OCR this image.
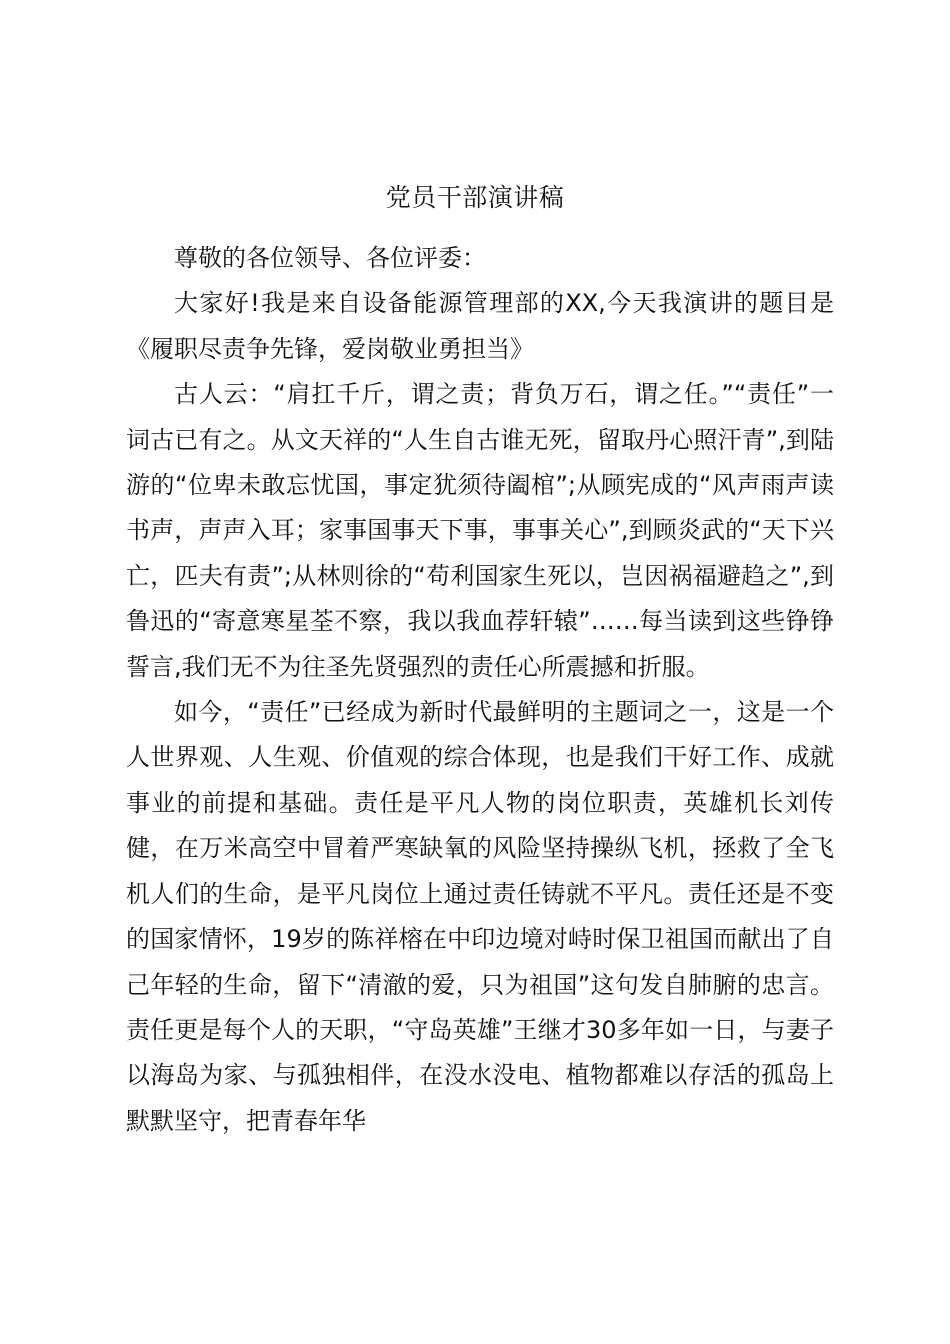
党员干部演讲稿

尊敬的各位领导、各位评委：

大家好!我是来自设备能源管理部的XX,今天我演讲的题目是《履职尽责争先锋，爱岗敬业勇担当》

古人云：“肩扛千斤，谓之责；背负万石，谓之任。”“责任”一词古已有之。从文天祥的“人生自古谁无死，留取丹心照汗青”,到陆游的“位卑未敢忘忧国，事定犹须待阖棺”;从顾宪成的“风声雨声读书声，声声入耳；家事国事天下事，事事关心”,到顾炎武的“天下兴亡，匹夫有责”;从林则徐的“苟利国家生死以，岂因祸福避趋之”,到鲁迅的“寄意寒星荃不察，我以我血荐轩辕”……每当读到这些铮铮誓言,我们无不为往圣先贤强烈的责任心所震撼和折服。

如今，“责任”已经成为新时代最鲜明的主题词之一，这是一个人世界观、人生观、价值观的综合体现，也是我们干好工作、成就事业的前提和基础。责任是平凡人物的岗位职责，英雄机长刘传健，在万米高空中冒着严寒缺氧的风险坚持操纵飞机，拯救了全飞机人们的生命，是平凡岗位上通过责任铸就不平凡。责任还是不变的国家情怀，19岁的陈祥榕在中印边境对峙时保卫祖国而献出了自己年轻的生命，留下“清澈的爱，只为祖国”这句发自肺腑的忠言。责任更是每个人的天职，“守岛英雄”王继才30多年如一日，与妻子以海岛为家、与孤独相伴，在没水没电、植物都难以存活的孤岛上默默坚守，把青春年华
